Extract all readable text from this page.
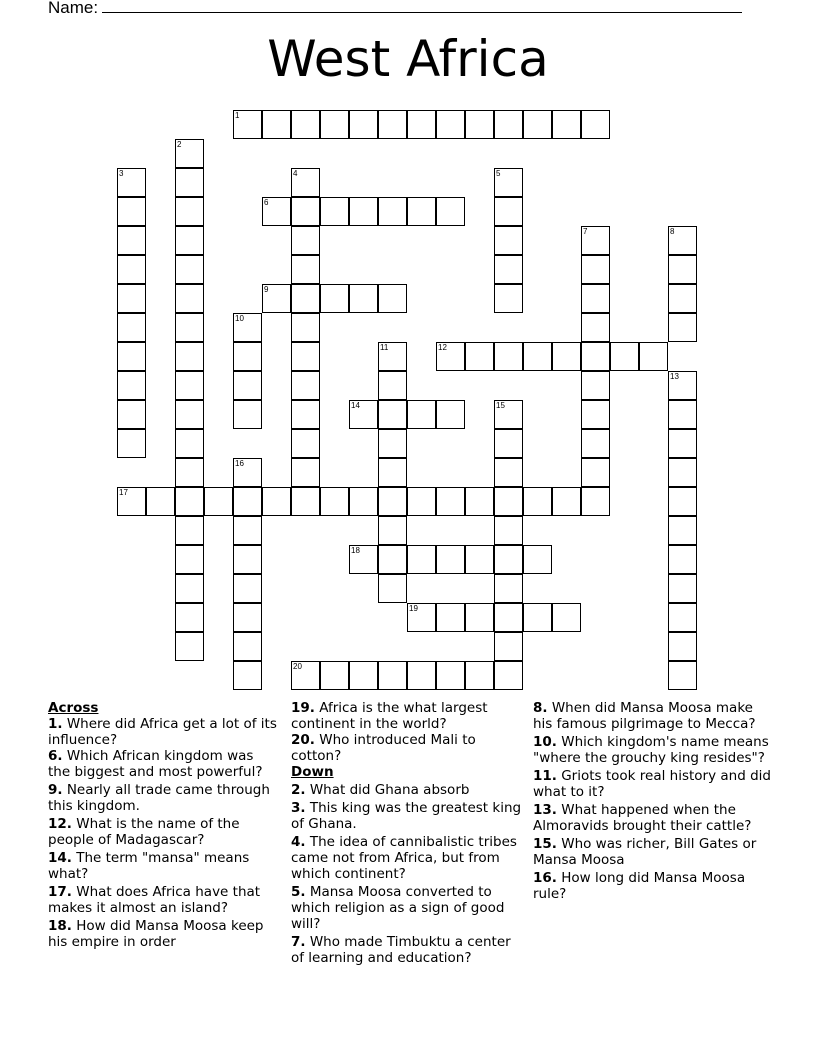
Name:
West Africa
1
2
3	4	5
6
7	8
9
10
11	12
13
14	15
16
17
18
19
20
Across
1. Where did Africa get a lot of its influence?
6. Which African kingdom was the biggest and most powerful?
9. Nearly all trade came through this kingdom.
12. What is the name of the people of Madagascar?
14. The term "mansa" means what?
17. What does Africa have that makes it almost an island?
18. How did Mansa Moosa keep his empire in order
19. Africa is the what largest continent in the world?
20. Who introduced Mali to cotton?
Down
2. What did Ghana absorb
3. This king was the greatest king of Ghana.
4. The idea of cannibalistic tribes came not from Africa, but from which continent?
5. Mansa Moosa converted to which religion as a sign of good will?
7. Who made Timbuktu a center of learning and education?
8. When did Mansa Moosa make his famous pilgrimage to Mecca?
10. Which kingdom's name means "where the grouchy king resides"?
11. Griots took real history and did what to it?
13. What happened when the Almoravids brought their cattle?
15. Who was richer, Bill Gates or Mansa Moosa
16. How long did Mansa Moosa rule?
